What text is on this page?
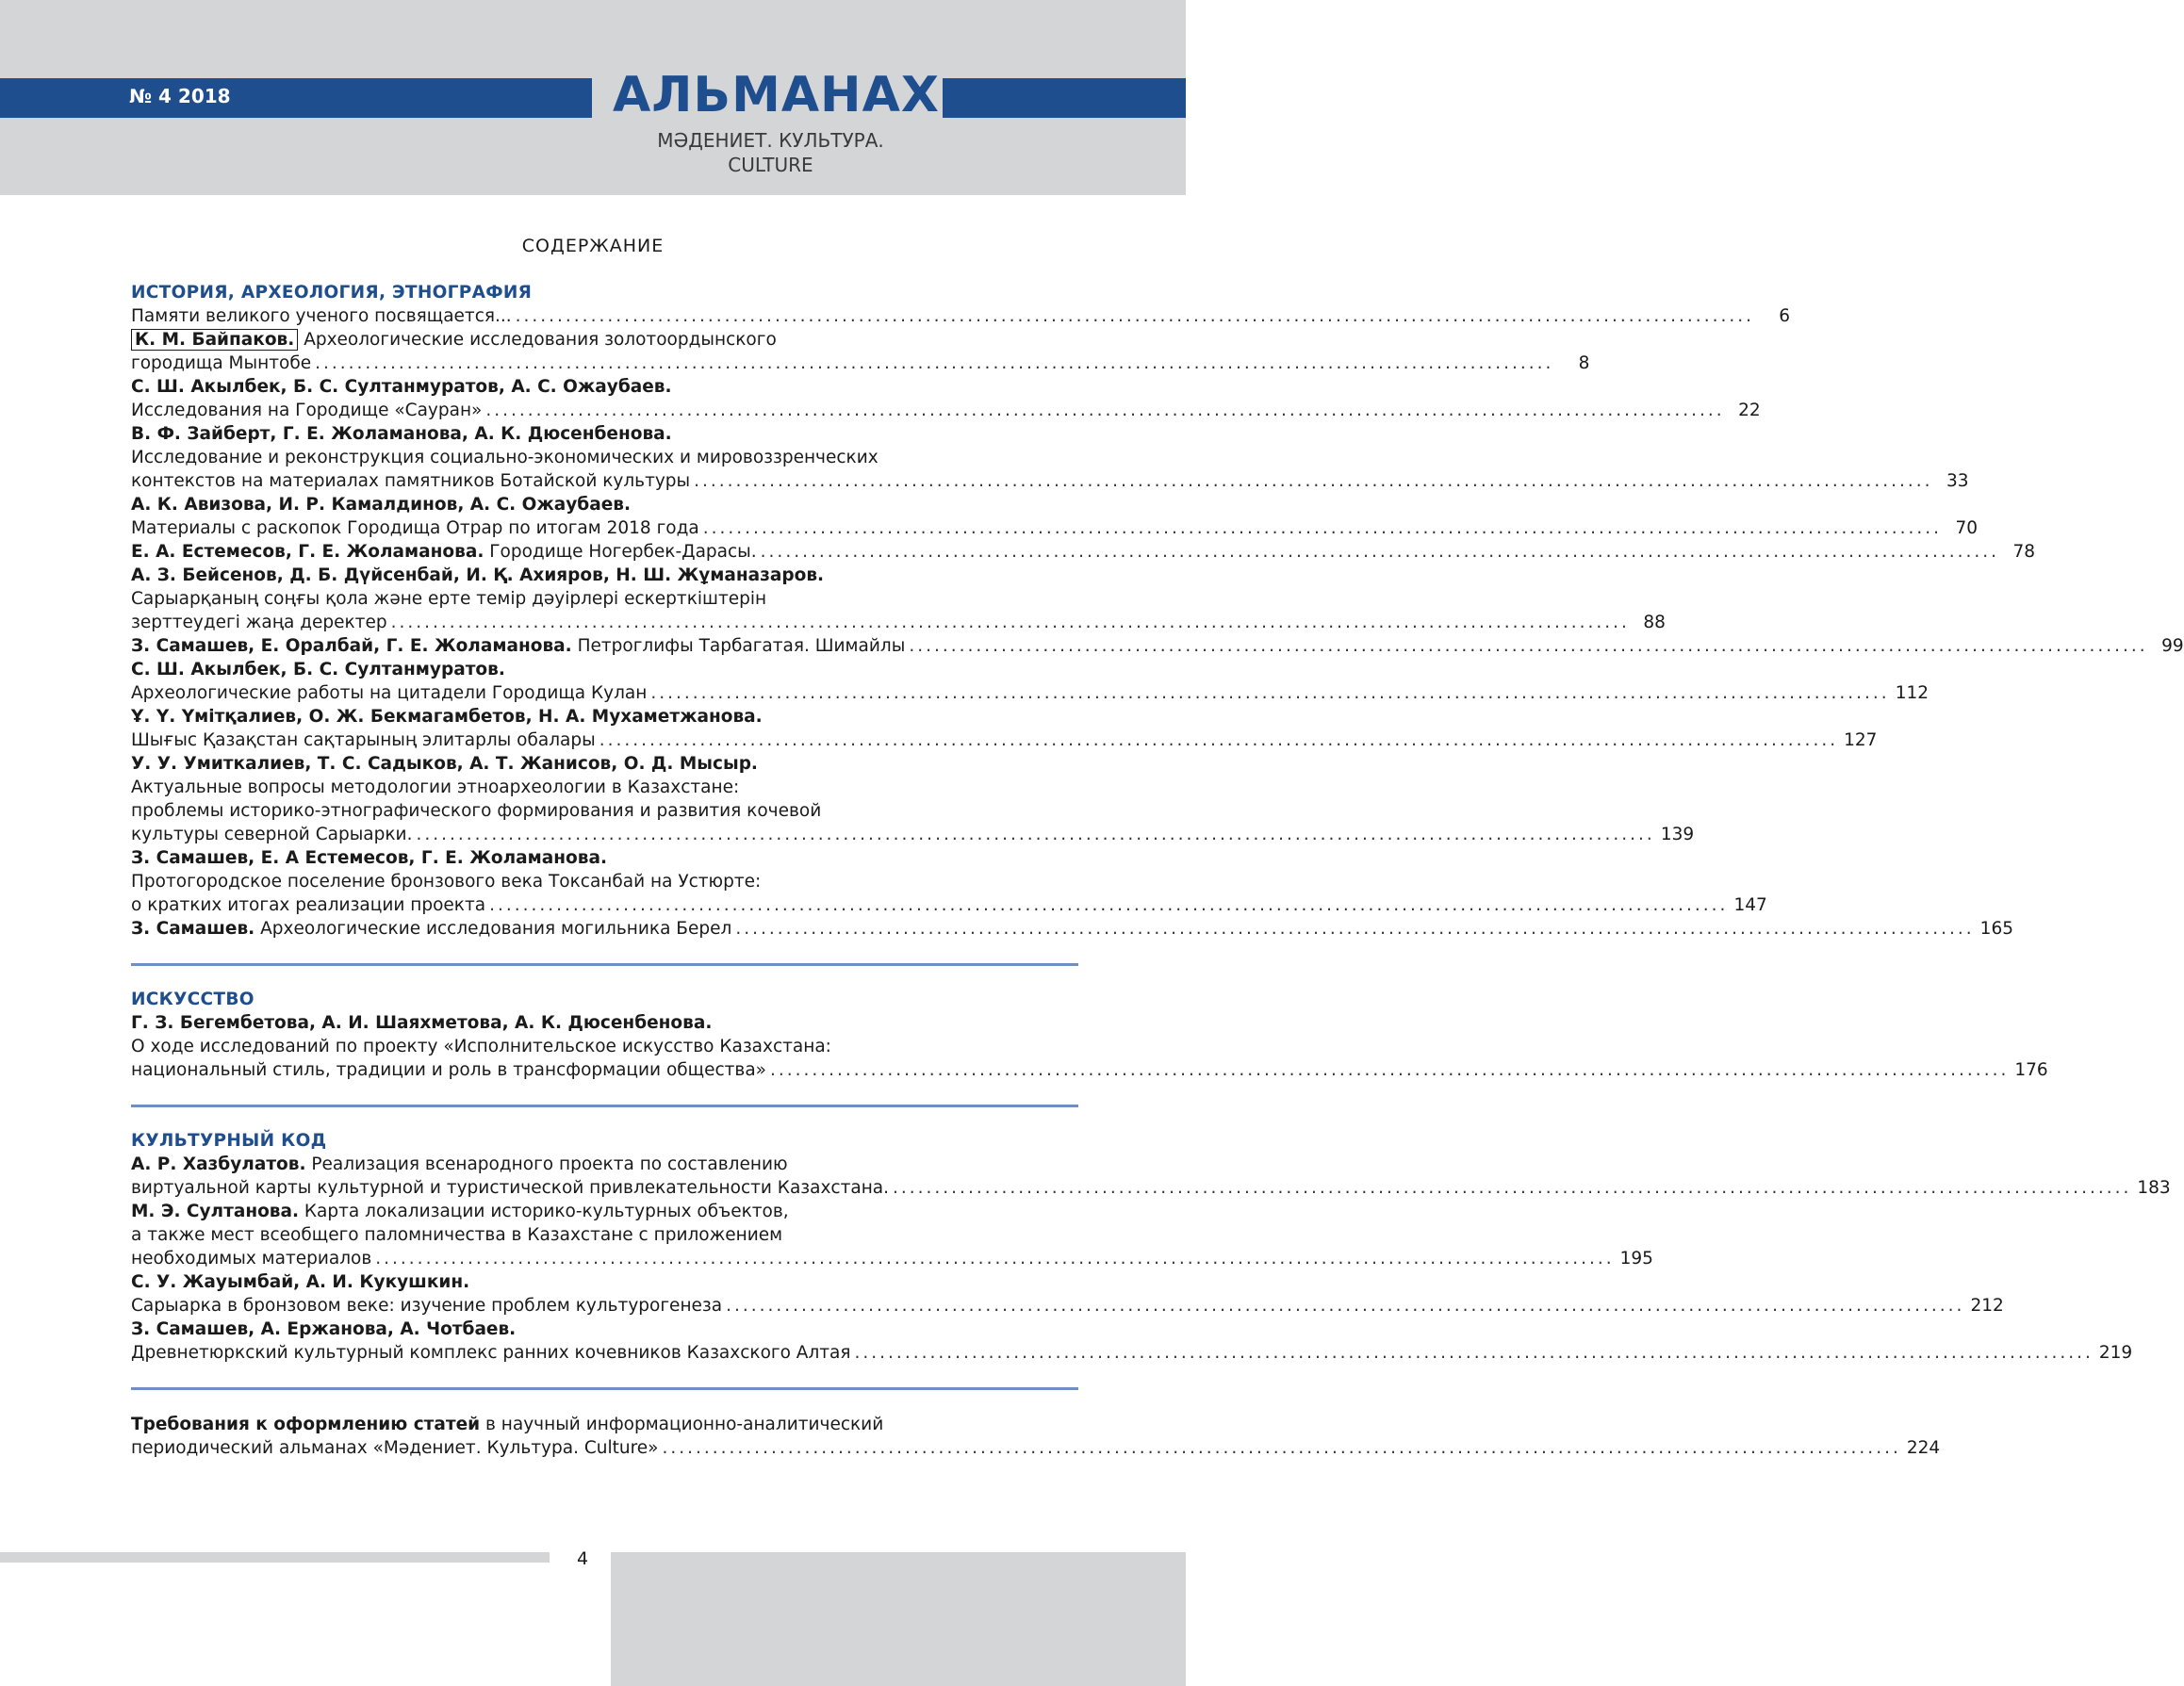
№ 4 2018	АЛЬМАНАХ
МӘДЕНИЕТ. КУЛЬТУРА. CULTURE
СОДЕРЖАНИЕ
ИСТОРИЯ, АРХЕОЛОГИЯ, ЭТНОГРАФИЯ
Памяти великого ученого посвящается... ....................................................................................................................................................	6
К. М. Байпаков. Археологические исследования золотоордынского
городища Мынтобе ....................................................................................................................................................	8
С. Ш. Акылбек, Б. С. Султанмуратов, А. С. Ожаубаев.
Исследования на Городище «Сауран» .................................................................................................................................................... 22
В. Ф. Зайберт, Г. Е. Жоламанова, А. К. Дюсенбенова.
Исследование и реконструкция социально-экономических и мировоззренческих
контекстов на материалах памятников Ботайской культуры .................................................................................................................................................... 33
А. К. Авизова, И. Р. Камалдинов, А. С. Ожаубаев.
Материалы с раскопок Городища Отрар по итогам 2018 года .................................................................................................................................................... 70
Е. А. Естемесов, Г. Е. Жоламанова. Городище Ногербек-Дарасы. .................................................................................................................................................... 78
А. З. Бейсенов, Д. Б. Дүйсенбай, И. Қ. Ахияров, Н. Ш. Жұманазаров.
Сарыарқаның соңғы қола және ерте темір дәуірлері ескерткіштерін
зерттеудегі жаңа деректер .................................................................................................................................................... 88
З. Самашев, Е. Оралбай, Г. Е. Жоламанова. Петроглифы Тарбагатая. Шимайлы .................................................................................................................................................... 99
С. Ш. Акылбек, Б. С. Султанмуратов.
Археологические работы на цитадели Городища Кулан .................................................................................................................................................... 112
Ұ. Ү. Үмітқалиев, О. Ж. Бекмагамбетов, Н. А. Мухаметжанова.
Шығыс Қазақстан сақтарының элитарлы обалары .................................................................................................................................................... 127
У. У. Умиткалиев, Т. С. Садыков, А. Т. Жанисов, О. Д. Мысыр.
Актуальные вопросы методологии этноархеологии в Казахстане:
проблемы историко-этнографического формирования и развития кочевой
культуры северной Сарыарки. .................................................................................................................................................... 139
З. Самашев, Е. А Естемесов, Г. Е. Жоламанова.
Протогородское поселение бронзового века Токсанбай на Устюрте:
о кратких итогах реализации проекта .................................................................................................................................................... 147
З. Самашев. Археологические исследования могильника Берел .................................................................................................................................................... 165
ИСКУССТВО
Г. З. Бегембетова, А. И. Шаяхметова, А. К. Дюсенбенова.
О ходе исследований по проекту «Исполнительское искусство Казахстана:
национальный стиль, традиции и роль в трансформации общества» .................................................................................................................................................... 176
КУЛЬТУРНЫЙ КОД
А. Р. Хазбулатов. Реализация всенародного проекта по составлению
виртуальной карты культурной и туристической привлекательности Казахстана. .................................................................................................................................................... 183
М. Э. Султанова. Карта локализации историко-культурных объектов,
а также мест всеобщего паломничества в Казахстане с приложением
необходимых материалов .................................................................................................................................................... 195
С. У. Жауымбай, А. И. Кукушкин.
Сарыарка в бронзовом веке: изучение проблем культурогенеза .................................................................................................................................................... 212
З. Самашев, А. Ержанова, А. Чотбаев.
Древнетюркский культурный комплекс ранних кочевников Казахского Алтая .................................................................................................................................................... 219
Требования к оформлению статей в научный информационно-аналитический
периодический альманах «Мәдениет. Культура. Culture» .................................................................................................................................................... 224
4
